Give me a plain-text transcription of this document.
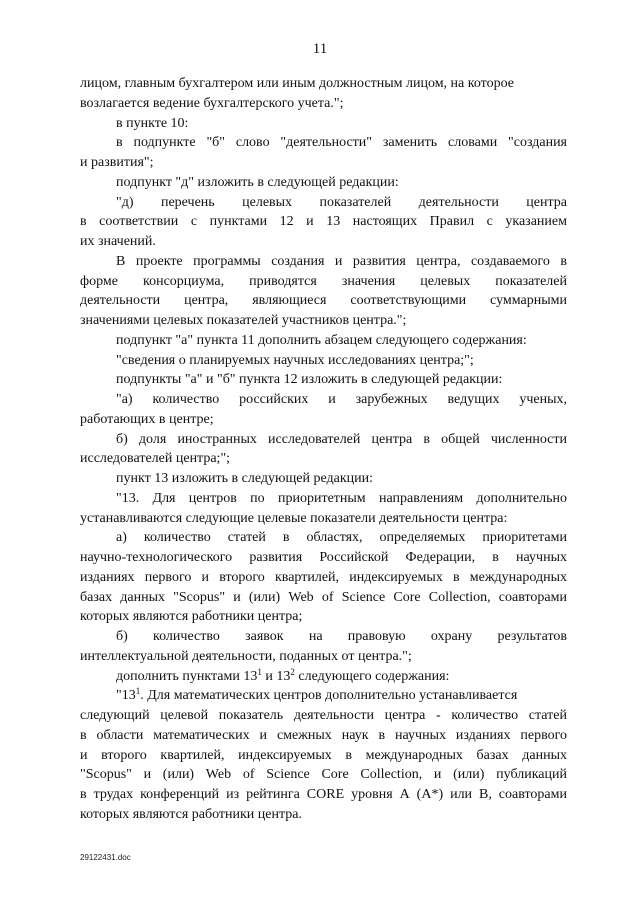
11
лицом, главным бухгалтером или иным должностным лицом, на которое
возлагается ведение бухгалтерского учета.";
в пункте 10:
в подпункте "б" слово "деятельности" заменить словами "создания
и развития";
подпункт "д" изложить в следующей редакции:
"д) перечень целевых показателей деятельности центра
в соответствии с пунктами 12 и 13 настоящих Правил с указанием
их значений.
В проекте программы создания и развития центра, создаваемого в
форме консорциума, приводятся значения целевых показателей
деятельности центра, являющиеся соответствующими суммарными
значениями целевых показателей участников центра.";
подпункт "а" пункта 11 дополнить абзацем следующего содержания:
"сведения о планируемых научных исследованиях центра;";
подпункты "а" и "б" пункта 12 изложить в следующей редакции:
"а) количество российских и зарубежных ведущих ученых,
работающих в центре;
б) доля иностранных исследователей центра в общей численности
исследователей центра;";
пункт 13 изложить в следующей редакции:
"13. Для центров по приоритетным направлениям дополнительно
устанавливаются следующие целевые показатели деятельности центра:
а) количество статей в областях, определяемых приоритетами
научно-технологического развития Российской Федерации, в научных
изданиях первого и второго квартилей, индексируемых в международных
базах данных "Scopus" и (или) Web of Science Core Collection, соавторами
которых являются работники центра;
б) количество заявок на правовую охрану результатов
интеллектуальной деятельности, поданных от центра.";
дополнить пунктами $13^1$ и $13^2$ следующего содержания:
"$13^1$. Для математических центров дополнительно устанавливается
следующий целевой показатель деятельности центра - количество статей
в области математических и смежных наук в научных изданиях первого
и второго квартилей, индексируемых в международных базах данных
"Scopus" и (или) Web of Science Core Collection, и (или) публикаций
в трудах конференций из рейтинга CORE уровня А (А*) или В, соавторами
которых являются работники центра.
29122431.doc
